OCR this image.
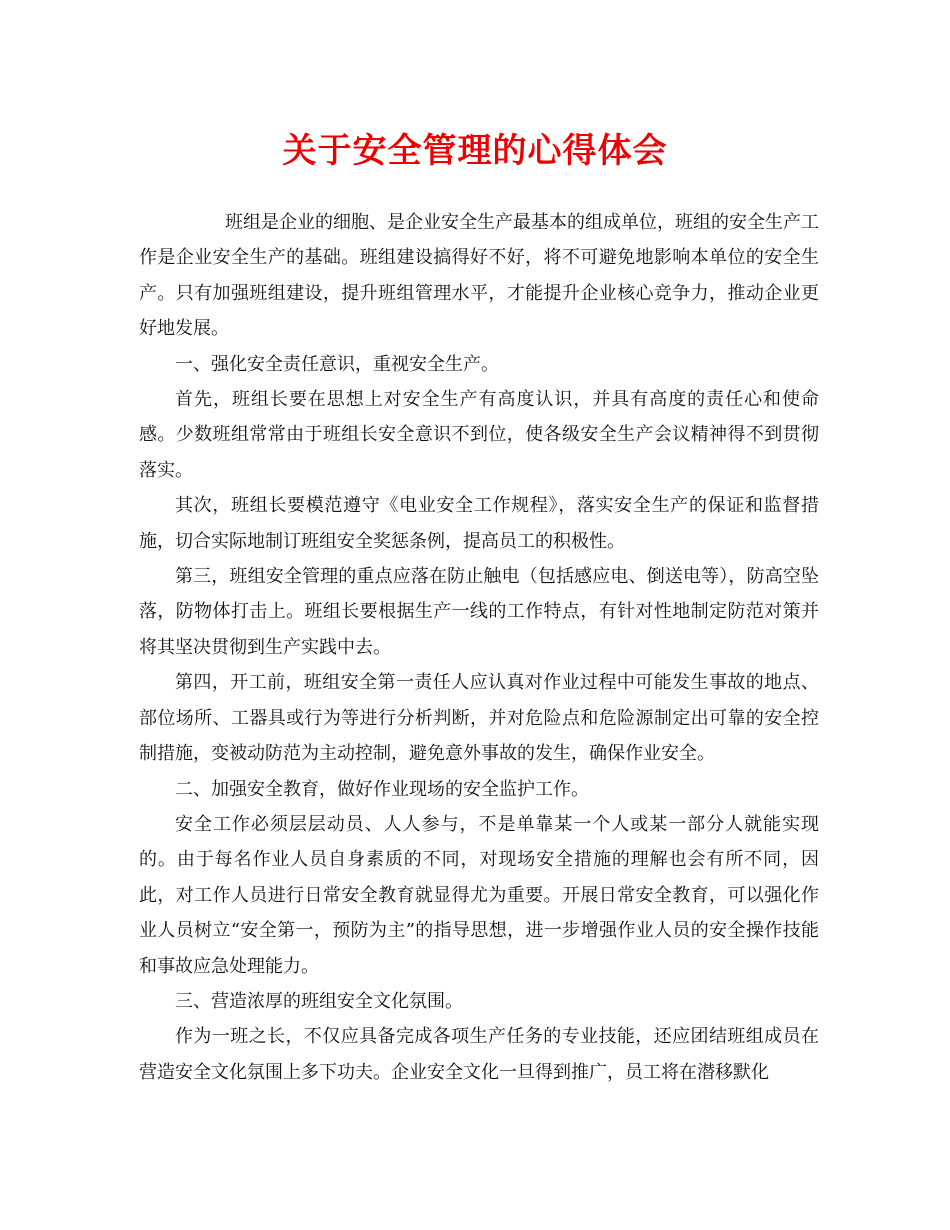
关于安全管理的心得体会

班组是企业的细胞、是企业安全生产最基本的组成单位，班组的安全生产工作是企业安全生产的基础。班组建设搞得好不好，将不可避免地影响本单位的安全生产。只有加强班组建设，提升班组管理水平，才能提升企业核心竞争力，推动企业更好地发展。

一、强化安全责任意识，重视安全生产。

首先，班组长要在思想上对安全生产有高度认识，并具有高度的责任心和使命感。少数班组常常由于班组长安全意识不到位，使各级安全生产会议精神得不到贯彻落实。

其次，班组长要模范遵守《电业安全工作规程》，落实安全生产的保证和监督措施，切合实际地制订班组安全奖惩条例，提高员工的积极性。

第三，班组安全管理的重点应落在防止触电（包括感应电、倒送电等），防高空坠落，防物体打击上。班组长要根据生产一线的工作特点，有针对性地制定防范对策并将其坚决贯彻到生产实践中去。

第四，开工前，班组安全第一责任人应认真对作业过程中可能发生事故的地点、部位场所、工器具或行为等进行分析判断，并对危险点和危险源制定出可靠的安全控制措施，变被动防范为主动控制，避免意外事故的发生，确保作业安全。

二、加强安全教育，做好作业现场的安全监护工作。

安全工作必须层层动员、人人参与，不是单靠某一个人或某一部分人就能实现的。由于每名作业人员自身素质的不同，对现场安全措施的理解也会有所不同，因此，对工作人员进行日常安全教育就显得尤为重要。开展日常安全教育，可以强化作业人员树立“安全第一，预防为主”的指导思想，进一步增强作业人员的安全操作技能和事故应急处理能力。

三、营造浓厚的班组安全文化氛围。

作为一班之长，不仅应具备完成各项生产任务的专业技能，还应团结班组成员在营造安全文化氛围上多下功夫。企业安全文化一旦得到推广，员工将在潜移默化
